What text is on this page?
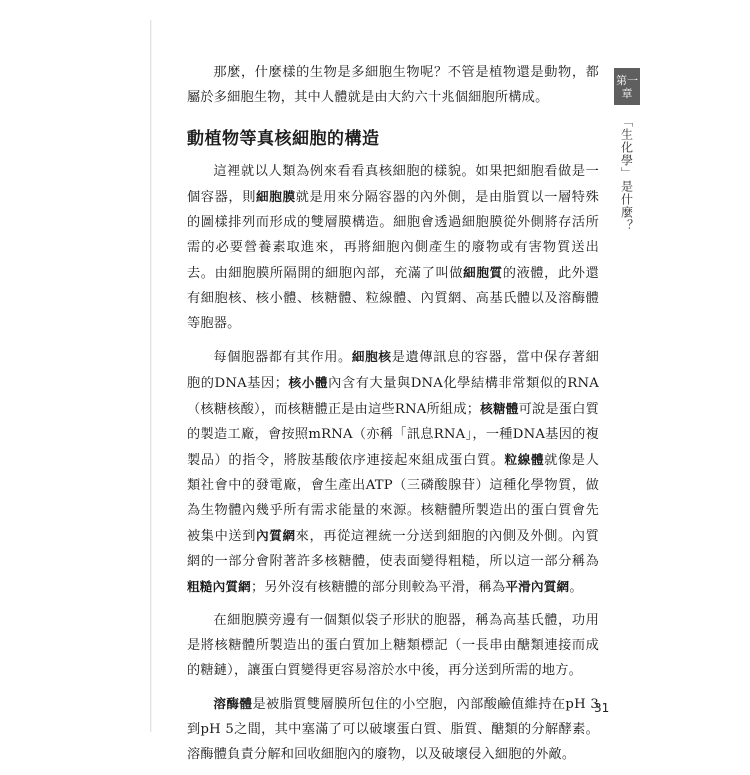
那麼，什麼樣的生物是多細胞生物呢？不管是植物還是動物，都屬於多細胞生物，其中人體就是由大約六十兆個細胞所構成。

動植物等真核細胞的構造

這裡就以人類為例來看看真核細胞的樣貌。如果把細胞看做是一個容器，則細胞膜就是用來分隔容器的內外側，是由脂質以一層特殊的圖樣排列而形成的雙層膜構造。細胞會透過細胞膜從外側將存活所需的必要營養素取進來，再將細胞內側產生的廢物或有害物質送出去。由細胞膜所隔開的細胞內部，充滿了叫做細胞質的液體，此外還有細胞核、核小體、核糖體、粒線體、內質網、高基氏體以及溶酶體等胞器。

每個胞器都有其作用。細胞核是遺傳訊息的容器，當中保存著細胞的DNA基因；核小體內含有大量與DNA化學結構非常類似的RNA（核糖核酸），而核糖體正是由這些RNA所組成；核糖體可說是蛋白質的製造工廠，會按照mRNA（亦稱「訊息RNA」，一種DNA基因的複製品）的指令，將胺基酸依序連接起來組成蛋白質。粒線體就像是人類社會中的發電廠，會生產出ATP（三磷酸腺苷）這種化學物質，做為生物體內幾乎所有需求能量的來源。核糖體所製造出的蛋白質會先被集中送到內質網來，再從這裡統一分送到細胞的內側及外側。內質網的一部分會附著許多核糖體，使表面變得粗糙，所以這一部分稱為粗糙內質網；另外沒有核糖體的部分則較為平滑，稱為平滑內質網。

在細胞膜旁邊有一個類似袋子形狀的胞器，稱為高基氏體，功用是將核糖體所製造出的蛋白質加上糖類標記（一長串由醣類連接而成的糖鏈），讓蛋白質變得更容易溶於水中後，再分送到所需的地方。

溶酶體是被脂質雙層膜所包住的小空胞，內部酸鹼值維持在pH 3到pH 5之間，其中塞滿了可以破壞蛋白質、脂質、醣類的分解酵素。溶酶體負責分解和回收細胞內的廢物，以及破壞侵入細胞的外敵。

第一章
「生化學」是什麼？
31
